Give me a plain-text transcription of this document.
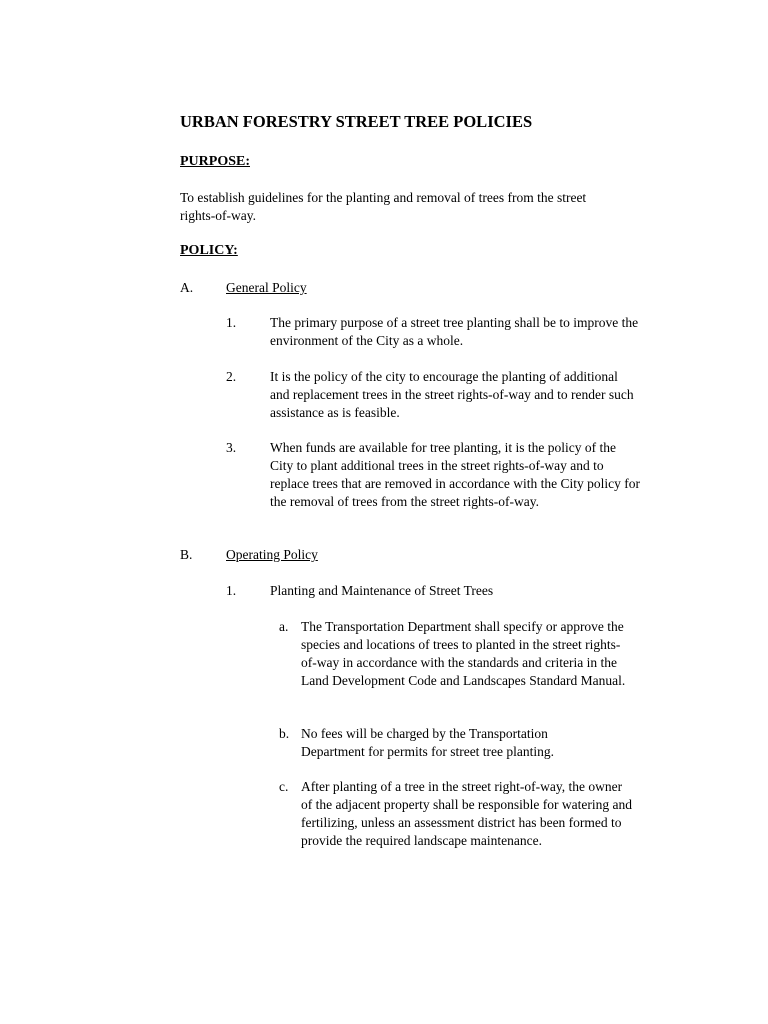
URBAN FORESTRY STREET TREE POLICIES
PURPOSE:
To establish guidelines for the planting and removal of trees from the street rights-of-way.
POLICY:
A. General Policy
1.	The primary purpose of a street tree planting shall be to improve the environment of the City as a whole.
2.	It is the policy of the city to encourage the planting of additional and replacement trees in the street rights-of-way and to render such assistance as is feasible.
3.	When funds are available for tree planting, it is the policy of the City to plant additional trees in the street rights-of-way and to replace trees that are removed in accordance with the City policy for the removal of trees from the street rights-of-way.
B. Operating Policy
1.	Planting and Maintenance of Street Trees
a. The Transportation Department shall specify or approve the species and locations of trees to planted in the street rights-of-way in accordance with the standards and criteria in the Land Development Code and Landscapes Standard Manual.
b. No fees will be charged by the Transportation Department for permits for street tree planting.
c. After planting of a tree in the street right-of-way, the owner of the adjacent property shall be responsible for watering and fertilizing, unless an assessment district has been formed to provide the required landscape maintenance.
